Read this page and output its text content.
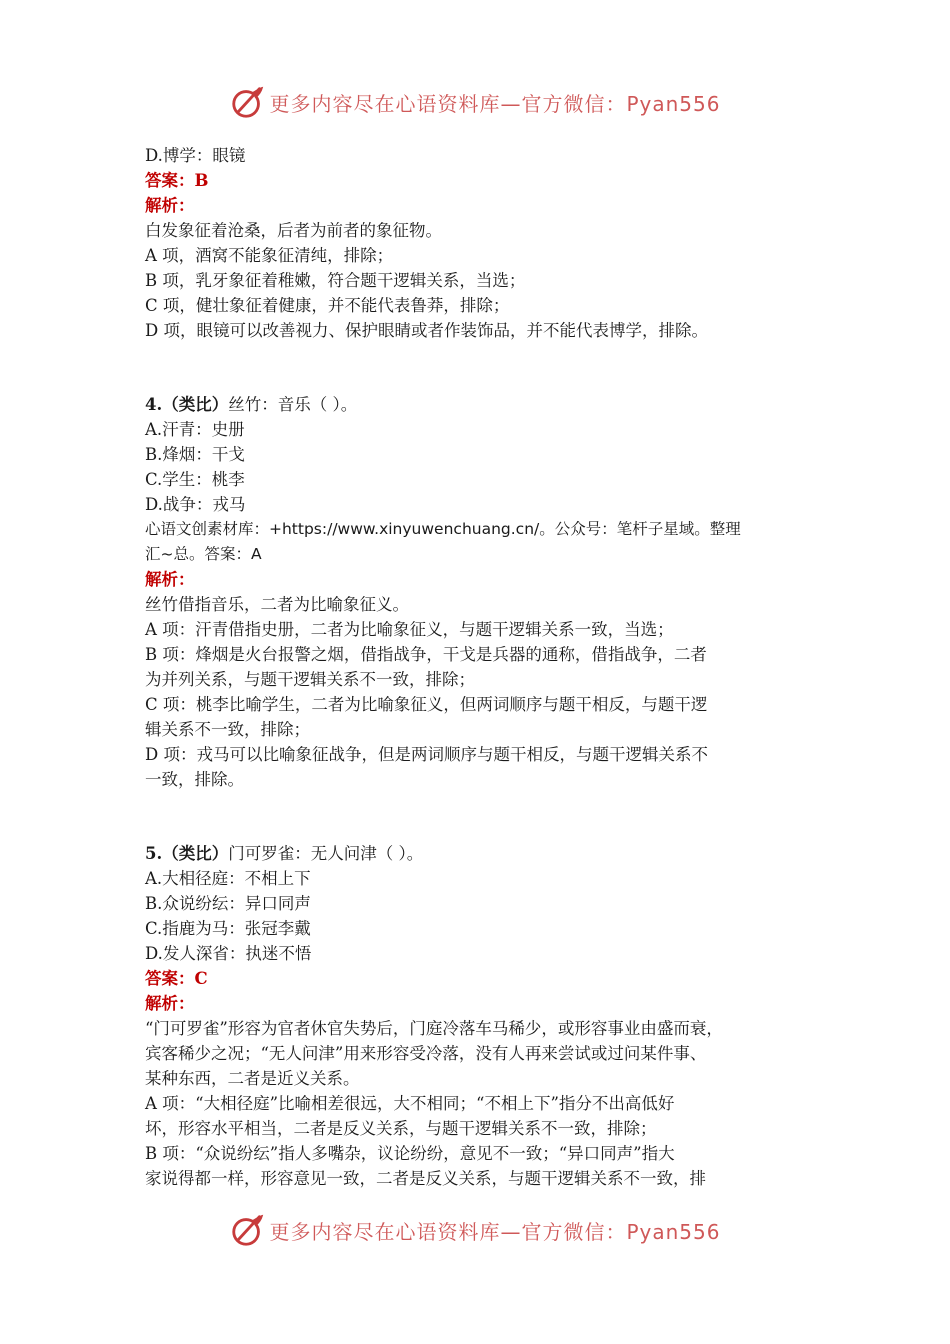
更多内容尽在心语资料库—官方微信：Pyan556
D.博学：眼镜
答案：B
解析：
白发象征着沧桑，后者为前者的象征物。
A 项，酒窝不能象征清纯，排除；
B 项，乳牙象征着稚嫩，符合题干逻辑关系，当选；
C 项，健壮象征着健康，并不能代表鲁莽，排除；
D 项，眼镜可以改善视力、保护眼睛或者作装饰品，并不能代表博学，排除。
4.（类比）丝竹：音乐（ ）。
A.汗青：史册
B.烽烟：干戈
C.学生：桃李
D.战争：戎马
心语文创素材库：+https://www.xinyuwenchuang.cn/。公众号：笔杆子星域。整理
汇~总。答案：A
解析：
丝竹借指音乐，二者为比喻象征义。
A 项：汗青借指史册，二者为比喻象征义，与题干逻辑关系一致，当选；
B 项：烽烟是火台报警之烟，借指战争，干戈是兵器的通称，借指战争，二者
为并列关系，与题干逻辑关系不一致，排除；
C 项：桃李比喻学生，二者为比喻象征义，但两词顺序与题干相反，与题干逻
辑关系不一致，排除；
D 项：戎马可以比喻象征战争，但是两词顺序与题干相反，与题干逻辑关系不
一致，排除。
5.（类比）门可罗雀：无人问津（ ）。
A.大相径庭：不相上下
B.众说纷纭：异口同声
C.指鹿为马：张冠李戴
D.发人深省：执迷不悟
答案：C
解析：
“门可罗雀”形容为官者休官失势后，门庭冷落车马稀少，或形容事业由盛而衰，
宾客稀少之况；“无人问津”用来形容受冷落，没有人再来尝试或过问某件事、
某种东西，二者是近义关系。
A 项：“大相径庭”比喻相差很远，大不相同；“不相上下”指分不出高低好
坏，形容水平相当，二者是反义关系，与题干逻辑关系不一致，排除；
B 项：“众说纷纭”指人多嘴杂，议论纷纷，意见不一致；“异口同声”指大
家说得都一样，形容意见一致，二者是反义关系，与题干逻辑关系不一致，排
更多内容尽在心语资料库—官方微信：Pyan556
